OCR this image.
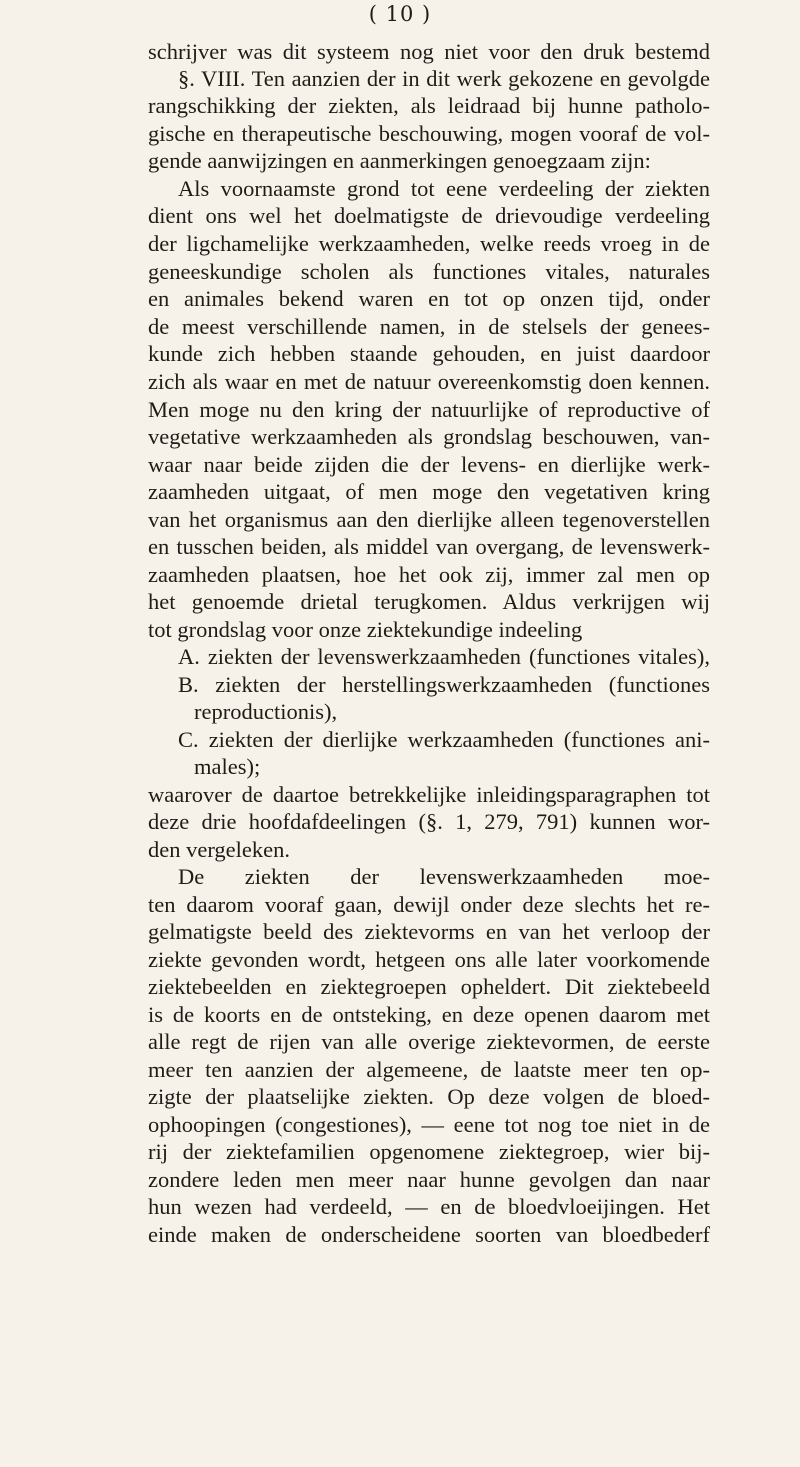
( 10 )
schrijver was dit systeem nog niet voor den druk bestemd
§. VIII. Ten aanzien der in dit werk gekozene en gevolgde
rangschikking der ziekten, als leidraad bij hunne patholo-
gische en therapeutische beschouwing, mogen vooraf de vol-
gende aanwijzingen en aanmerkingen genoegzaam zijn:
Als voornaamste grond tot eene verdeeling der ziekten
dient ons wel het doelmatigste de drievoudige verdeeling
der ligchamelijke werkzaamheden, welke reeds vroeg in de
geneeskundige scholen als functiones vitales, naturales
en animales bekend waren en tot op onzen tijd, onder
de meest verschillende namen, in de stelsels der genees-
kunde zich hebben staande gehouden, en juist daardoor
zich als waar en met de natuur overeenkomstig doen kennen.
Men moge nu den kring der natuurlijke of reproductive of
vegetative werkzaamheden als grondslag beschouwen, van-
waar naar beide zijden die der levens- en dierlijke werk-
zaamheden uitgaat, of men moge den vegetativen kring
van het organismus aan den dierlijke alleen tegenoverstellen
en tusschen beiden, als middel van overgang, de levenswerk-
zaamheden plaatsen, hoe het ook zij, immer zal men op
het genoemde drietal terugkomen. Aldus verkrijgen wij
tot grondslag voor onze ziektekundige indeeling
A. ziekten der levenswerkzaamheden (functiones vitales),
B. ziekten der herstellingswerkzaamheden (functiones
reproductionis),
C. ziekten der dierlijke werkzaamheden (functiones ani-
males);
waarover de daartoe betrekkelijke inleidingsparagraphen tot
deze drie hoofdafdeelingen (§. 1, 279, 791) kunnen wor-
den vergeleken.
De ziekten der levenswerkzaamheden moe-
ten daarom vooraf gaan, dewijl onder deze slechts het re-
gelmatigste beeld des ziektevorms en van het verloop der
ziekte gevonden wordt, hetgeen ons alle later voorkomende
ziektebeelden en ziektegroepen opheldert. Dit ziektebeeld
is de koorts en de ontsteking, en deze openen daarom met
alle regt de rijen van alle overige ziektevormen, de eerste
meer ten aanzien der algemeene, de laatste meer ten op-
zigte der plaatselijke ziekten. Op deze volgen de bloed-
ophoopingen (congestiones), — eene tot nog toe niet in de
rij der ziektefamilien opgenomene ziektegroep, wier bij-
zondere leden men meer naar hunne gevolgen dan naar
hun wezen had verdeeld, — en de bloedvloeijingen. Het
einde maken de onderscheidene soorten van bloedbederf
